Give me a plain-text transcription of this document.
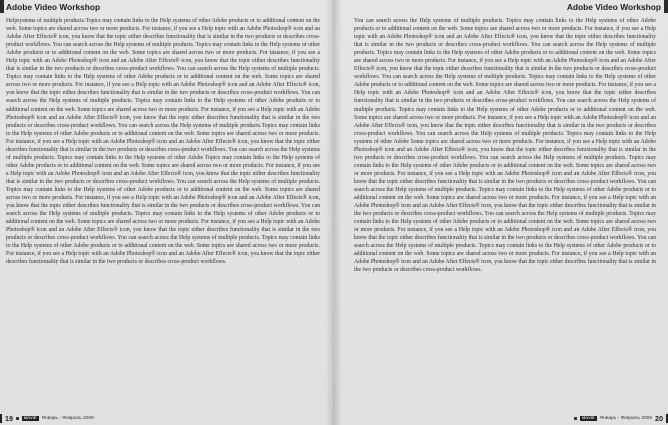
Adobe Video Workshop
Helpsystems of multiple products.Topics may contain links to the Help systems of other Adobe products or to additional content on the web. Some topics are shared across two or more products. For instance, if you see a Help topic with an Adobe Photoshop® icon and an Adobe After Effects® icon, you know that the topic either describes functionality that is similar in the two products or describes cross-product workflows. You can search across the Help systems of multiple products. Topics may contain links to the Help systems of other Adobe products or to additional content on the web. Some topics are shared across two or more products. For instance, if you see a Help topic with an Adobe Photoshop® icon and an Adobe After Effects® icon, you know that the topic either describes functionality that is similar in the two products or describes cross-product workflows. You can search across the Help systems of multiple products. Topics may contain links to the Help systems of other Adobe products or to additional content on the web. Some topics are shared across two or more products. For instance, if you see a Help topic with an Adobe Photoshop® icon and an Adobe After Effects® icon, you know that the topic either describes functionality that is similar in the two products or describes cross-product workflows. You can search across the Help systems of multiple products. Topics may contain links to the Help systems of other Adobe products or to additional content on the web. Some topics are shared across two or more products. For instance, if you see a Help topic with an Adobe Photoshop® icon and an Adobe After Effects® icon, you know that the topic either describes functionality that is similar in the two products or describes cross-product workflows. You can search across the Help systems of multiple products.Topics may contain links to the Help systems of other Adobe products or to additional content on the web. Some topics are shared across two or more products. For instance, if you see a Help topic with an Adobe Photoshop® icon and an Adobe After Effects® icon, you know that the topic either describes functionality that is similar in the two products or describes cross-product workflows. You can search across the Help systems of multiple products. Topics may contain links to the Help systems of other Adobe Topics may contain links to the Help systems of other Adobe products or to additional content on the web. Some topics are shared across two or more products. For instance, if you see a Help topic with an Adobe Photoshop® icon and an Adobe After Effects® icon, you know that the topic either describes functionality that is similar in the two products or describes cross-product workflows. You can search across the Help systems of multiple products. Topics may contain links to the Help systems of other Adobe products or to additional content on the web. Some topics are shared across two or more products. For instance, if you see a Help topic with an Adobe Photoshop® icon and an Adobe After Effects® icon, you know that the topic either describes functionality that is similar in the two products or describes cross-product workflows. You can search across the Help systems of multiple products. Topics may contain links to the Help systems of other Adobe products or to additional content on the web. Some topics are shared across two or more products. For instance, if you see a Help topic with an Adobe Photoshop® icon and an Adobe After Effects® icon, you know that the topic either describes functionality that is similar in the two products or describes cross-product workflows. You can search across the Help systems of multiple products. Topics may contain links to the Help systems of other Adobe products or to additional content on the web. Some topics are shared across two or more products. For instance, if you see a Help topic with an Adobe Photoshop® icon and an Adobe After Effects® icon, you know that the topic either describes functionality that is similar in the two products or describes cross-product workflows.
19	MOVIE	Январь - Февраль 2009
Adobe Video Workshop
You can search across the Help systems of multiple products. Topics may contain links to the Help systems of other Adobe products or to additional content on the web. Some topics are shared across two or more products. For instance, if you see a Help topic with an Adobe Photoshop® icon and an Adobe After Effects® icon, you know that the topic either describes functionality that is similar in the two products or describes cross-product workflows. You can search across the Help systems of multiple products. Topics may contain links to the Help systems of other Adobe products or to additional content on the web. Some topics are shared across two or more products. For instance, if you see a Help topic with an Adobe Photoshop® icon and an Adobe After Effects® icon, you know that the topic either describes functionality that is similar in the two products or describes cross-product workflows. You can search across the Help systems of multiple products. Topics may contain links to the Help systems of other Adobe products or to additional content on the web. Some topics are shared across two or more products. For instance, if you see a Help topic with an Adobe Photoshop® icon and an Adobe After Effects® icon, you know that the topic either describes functionality that is similar in the two products or describes cross-product workflows. You can search across the Help systems of multiple products. Topics may contain links to the Help systems of other Adobe products or to additional content on the web. Some topics are shared across two or more products. For instance, if you see a Help topic with an Adobe Photoshop® icon and an Adobe After Effects® icon, you know that the topic either describes functionality that is similar in the two products or describes cross-product workflows. You can search across the Help systems of multiple products. Topics may contain links to the Help systems of other Adobe Some topics are shared across two or more products. For instance, if you see a Help topic with an Adobe Photoshop® icon and an Adobe After Effects® icon, you know that the topic either describes functionality that is similar in the two products or describes cross-product workflows. You can search across the Help systems of multiple products. Topics may contain links to the Help systems of other Adobe products or to additional content on the web. Some topics are shared across two or more products. For instance, if you see a Help topic with an Adobe Photoshop® icon and an Adobe After Effects® icon, you know that the topic either describes functionality that is similar in the two products or describes cross-product workflows. You can search across the Help systems of multiple products. Topics may contain links to the Help systems of other Adobe products or to additional content on the web. Some topics are shared across two or more products. For instance, if you see a Help topic with an Adobe Photoshop® icon and an Adobe After Effects® icon, you know that the topic either describes functionality that is similar in the two products or describes cross-product workflows. You can search across the Help systems of multiple products. Topics may contain links to the Help systems of other Adobe products or to additional content on the web. Some topics are shared across two or more products. For instance, if you see a Help topic with an Adobe Photoshop® icon and an Adobe After Effects® icon, you know that the topic either describes functionality that is similar in the two products or describes cross-product workflows. You can search across the Help systems of multiple products. Topics may contain links to the Help systems of other Adobe products or to additional content on the web. Some topics are shared across two or more products. For instance, if you see a Help topic with an Adobe Photoshop® icon and an Adobe After Effects® icon, you know that the topic either describes functionality that is similar in the two products or describes cross-product workflows.
MOVIE	Январь - Февраль 2009 20
